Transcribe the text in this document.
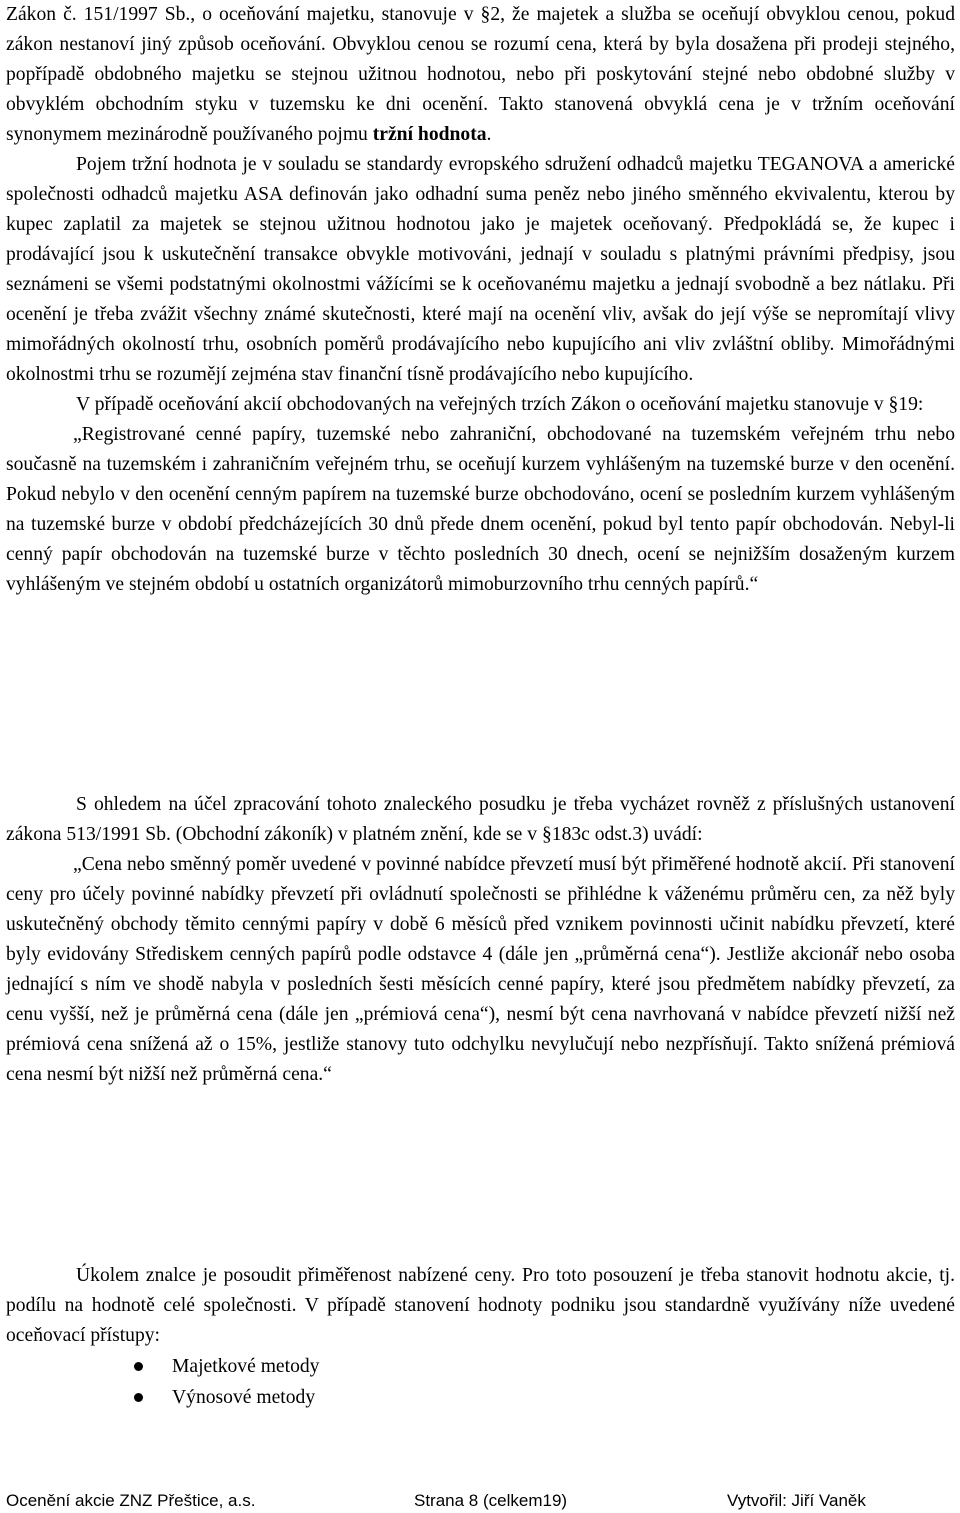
Zákon č. 151/1997 Sb., o oceňování majetku, stanovuje v §2, že majetek a služba se oceňují obvyklou cenou, pokud zákon nestanoví jiný způsob oceňování. Obvyklou cenou se rozumí cena, která by byla dosažena při prodeji stejného, popřípadě obdobného majetku se stejnou užitnou hodnotou, nebo při poskytování stejné nebo obdobné služby v obvyklém obchodním styku v tuzemsku ke dni ocenění. Takto stanovená obvyklá cena je v tržním oceňování synonymem mezinárodně používaného pojmu tržní hodnota.
Pojem tržní hodnota je v souladu se standardy evropského sdružení odhadců majetku TEGANOVA a americké společnosti odhadců majetku ASA definován jako odhadní suma peněz nebo jiného směnného ekvivalentu, kterou by kupec zaplatil za majetek se stejnou užitnou hodnotou jako je majetek oceňovaný. Předpokládá se, že kupec i prodávající jsou k uskutečnění transakce obvykle motivováni, jednají v souladu s platnými právními předpisy, jsou seznámeni se všemi podstatnými okolnostmi vážícími se k oceňovanému majetku a jednají svobodně a bez nátlaku. Při ocenění je třeba zvážit všechny známé skutečnosti, které mají na ocenění vliv, avšak do její výše se nepromítají vlivy mimořádných okolností trhu, osobních poměrů prodávajícího nebo kupujícího ani vliv zvláštní obliby. Mimořádnými okolnostmi trhu se rozumějí zejména stav finanční tísně prodávajícího nebo kupujícího.
V případě oceňování akcií obchodovaných na veřejných trzích Zákon o oceňování majetku stanovuje v §19:
„Registrované cenné papíry, tuzemské nebo zahraniční, obchodované na tuzemském veřejném trhu nebo současně na tuzemském i zahraničním veřejném trhu, se oceňují kurzem vyhlášeným na tuzemské burze v den ocenění. Pokud nebylo v den ocenění cenným papírem na tuzemské burze obchodováno, ocení se posledním kurzem vyhlášeným na tuzemské burze v období předcházejících 30 dnů přede dnem ocenění, pokud byl tento papír obchodován. Nebyl-li cenný papír obchodován na tuzemské burze v těchto posledních 30 dnech, ocení se nejnižším dosaženým kurzem vyhlášeným ve stejném období u ostatních organizátorů mimoburzovního trhu cenných papírů.“
S ohledem na účel zpracování tohoto znaleckého posudku je třeba vycházet rovněž z příslušných ustanovení zákona 513/1991 Sb. (Obchodní zákoník) v platném znění, kde se v §183c odst.3) uvádí:
„Cena nebo směnný poměr uvedené v povinné nabídce převzetí musí být přiměřené hodnotě akcií. Při stanovení ceny pro účely povinné nabídky převzetí při ovládnutí společnosti se přihlédne k váženému průměru cen, za něž byly uskutečněný obchody těmito cennými papíry v době 6 měsíců před vznikem povinnosti učinit nabídku převzetí, které byly evidovány Střediskem cenných papírů podle odstavce 4 (dále jen „průměrná cena“). Jestliže akcionář nebo osoba jednající s ním ve shodě nabyla v posledních šesti měsících cenné papíry, které jsou předmětem nabídky převzetí, za cenu vyšší, než je průměrná cena (dále jen „prémiová cena“), nesmí být cena navrhovaná v nabídce převzetí nižší než prémiová cena snížená až o 15%, jestliže stanovy tuto odchylku nevylučují nebo nezpřísňují. Takto snížená prémiová cena nesmí být nižší než průměrná cena.“
Úkolem znalce je posoudit přiměřenost nabízené ceny. Pro toto posouzení je třeba stanovit hodnotu akcie, tj. podílu na hodnotě celé společnosti. V případě stanovení hodnoty podniku jsou standardně využívány níže uvedené oceňovací přístupy:
Majetkové metody
Výnosové metody
Ocenění akcie ZNZ Přeštice, a.s.	Strana 8 (celkem19)	Vytvořil: Jiří Vaněk
